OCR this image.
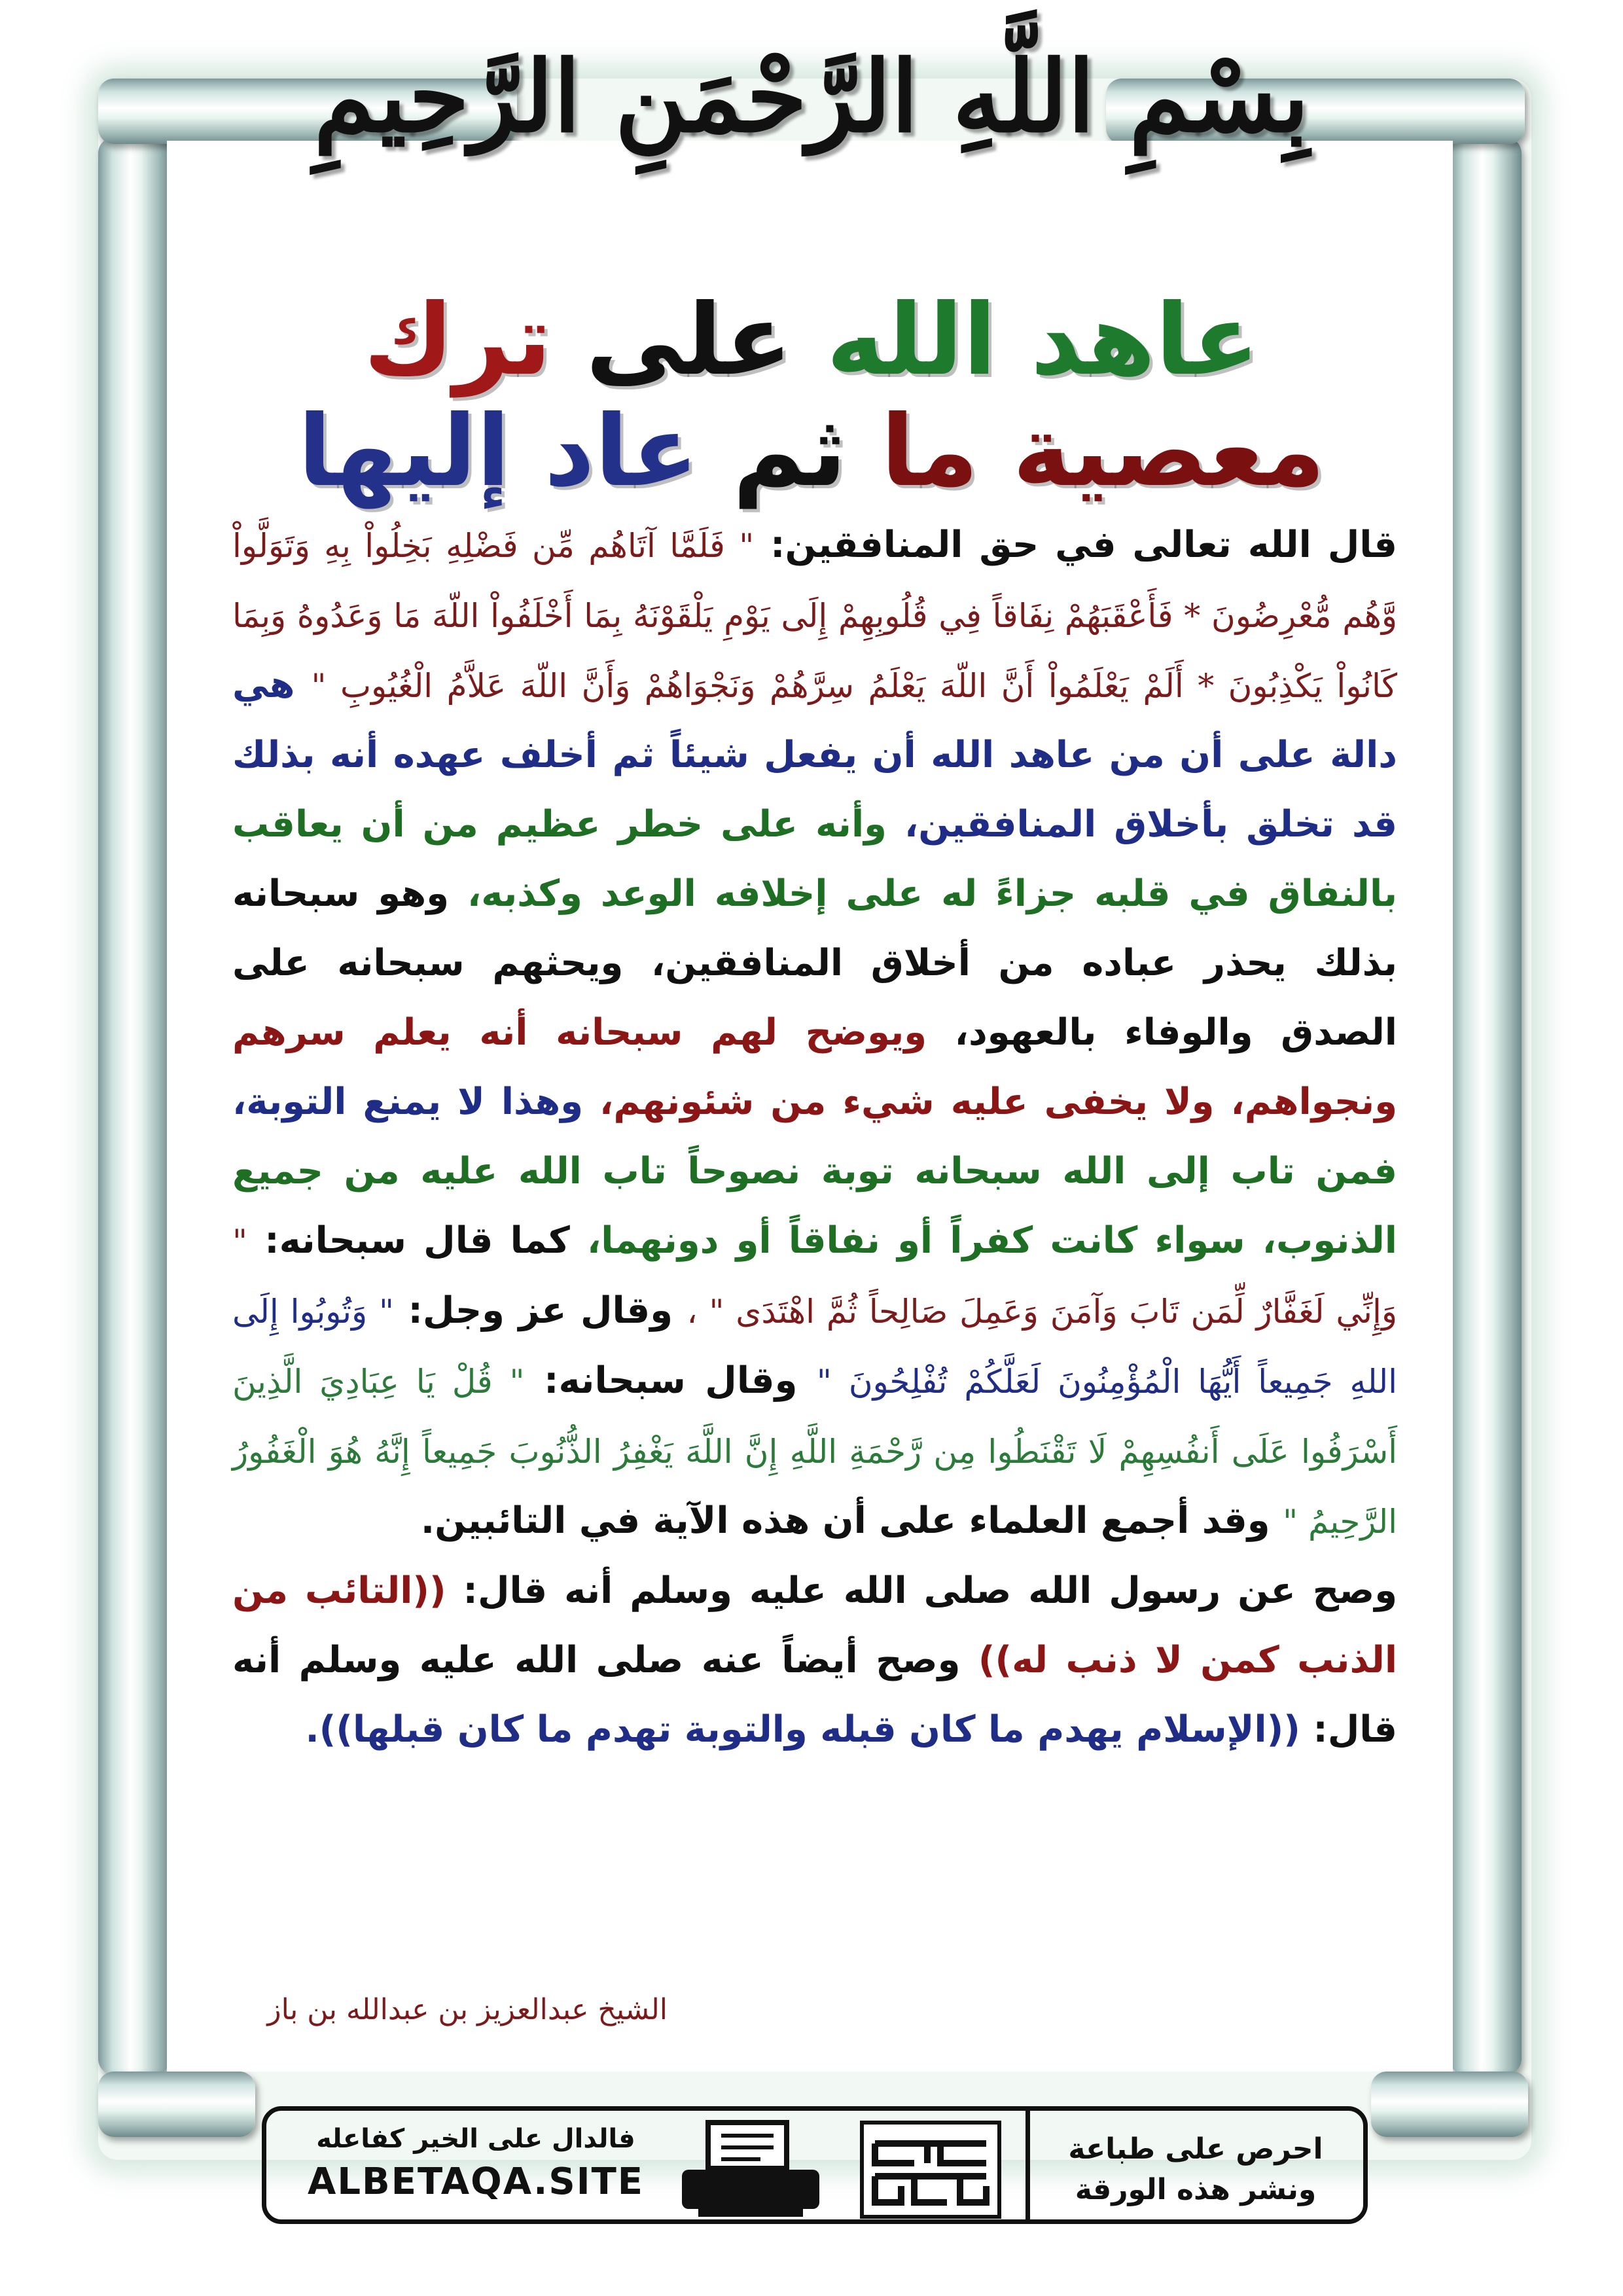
بِسْمِ اللَّهِ الرَّحْمَنِ الرَّحِيمِ
عاهد الله على ترك
معصية ما ثم عاد إليها
قال الله تعالى في حق المنافقين: " فَلَمَّا آتَاهُم مِّن فَضْلِهِ بَخِلُواْ بِهِ وَتَوَلَّواْ وَّهُم مُّعْرِضُونَ * فَأَعْقَبَهُمْ نِفَاقاً فِي قُلُوبِهِمْ إِلَى يَوْمِ يَلْقَوْنَهُ بِمَا أَخْلَفُواْ اللّهَ مَا وَعَدُوهُ وَبِمَا كَانُواْ يَكْذِبُونَ * أَلَمْ يَعْلَمُواْ أَنَّ اللّهَ يَعْلَمُ سِرَّهُمْ وَنَجْوَاهُمْ وَأَنَّ اللّهَ عَلاَّمُ الْغُيُوبِ " هي دالة على أن من عاهد الله أن يفعل شيئاً ثم أخلف عهده أنه بذلك قد تخلق بأخلاق المنافقين، وأنه على خطر عظيم من أن يعاقب بالنفاق في قلبه جزاءً له على إخلافه الوعد وكذبه، وهو سبحانه بذلك يحذر عباده من أخلاق المنافقين، ويحثهم سبحانه على الصدق والوفاء بالعهود، ويوضح لهم سبحانه أنه يعلم سرهم ونجواهم، ولا يخفى عليه شيء من شئونهم، وهذا لا يمنع التوبة، فمن تاب إلى الله سبحانه توبة نصوحاً تاب الله عليه من جميع الذنوب، سواء كانت كفراً أو نفاقاً أو دونهما، كما قال سبحانه: " وَإِنِّي لَغَفَّارٌ لِّمَن تَابَ وَآمَنَ وَعَمِلَ صَالِحاً ثُمَّ اهْتَدَى " ، وقال عز وجل: " وَتُوبُوا إِلَى اللهِ جَمِيعاً أَيُّهَا الْمُؤْمِنُونَ لَعَلَّكُمْ تُفْلِحُونَ " وقال سبحانه: " قُلْ يَا عِبَادِيَ الَّذِينَ أَسْرَفُوا عَلَى أَنفُسِهِمْ لَا تَقْنَطُوا مِن رَّحْمَةِ اللَّهِ إِنَّ اللَّهَ يَغْفِرُ الذُّنُوبَ جَمِيعاً إِنَّهُ هُوَ الْغَفُورُ الرَّحِيمُ " وقد أجمع العلماء على أن هذه الآية في التائبين.
وصح عن رسول الله صلى الله عليه وسلم أنه قال: ((التائب من الذنب كمن لا ذنب له)) وصح أيضاً عنه صلى الله عليه وسلم أنه قال: ((الإسلام يهدم ما كان قبله والتوبة تهدم ما كان قبلها)).
الشيخ عبدالعزيز بن عبدالله بن باز
فالدال على الخير كفاعله
ALBETAQA.SITE
احرص على طباعة
ونشر هذه الورقة
